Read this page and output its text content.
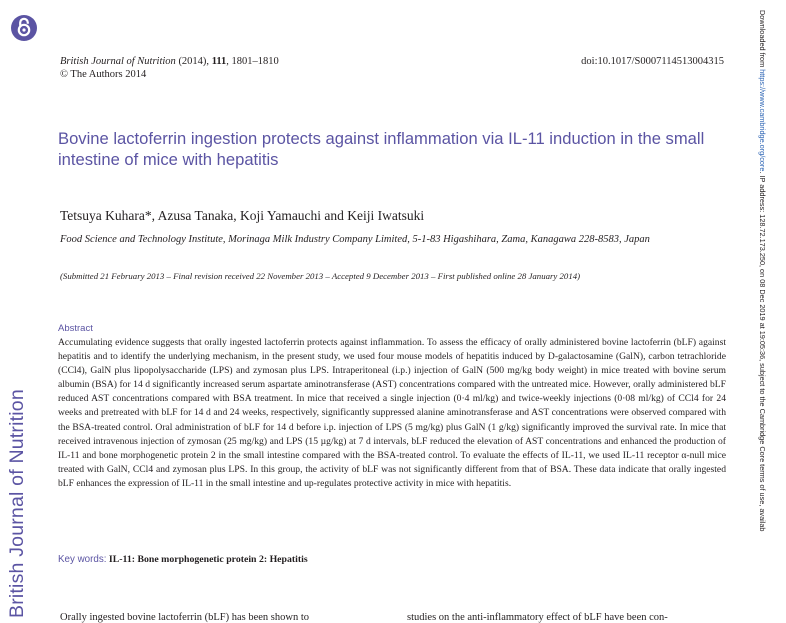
British Journal of Nutrition
Downloaded from https://www.cambridge.org/core. IP address: 128.72.173.250, on 08 Dec 2019 at 19:05:36, subject to the Cambridge Core terms of use, availab
British Journal of Nutrition (2014), 111, 1801–1810
© The Authors 2014
doi:10.1017/S0007114513004315
Bovine lactoferrin ingestion protects against inflammation via IL-11 induction in the small intestine of mice with hepatitis
Tetsuya Kuhara*, Azusa Tanaka, Koji Yamauchi and Keiji Iwatsuki
Food Science and Technology Institute, Morinaga Milk Industry Company Limited, 5-1-83 Higashihara, Zama, Kanagawa 228-8583, Japan
(Submitted 21 February 2013 – Final revision received 22 November 2013 – Accepted 9 December 2013 – First published online 28 January 2014)
Abstract
Accumulating evidence suggests that orally ingested lactoferrin protects against inflammation. To assess the efficacy of orally administered bovine lactoferrin (bLF) against hepatitis and to identify the underlying mechanism, in the present study, we used four mouse models of hepatitis induced by D-galactosamine (GalN), carbon tetrachloride (CCl4), GalN plus lipopolysaccharide (LPS) and zymosan plus LPS. Intraperitoneal (i.p.) injection of GalN (500 mg/kg body weight) in mice treated with bovine serum albumin (BSA) for 14 d significantly increased serum aspartate aminotransferase (AST) concentrations compared with the untreated mice. However, orally administered bLF reduced AST concentrations compared with BSA treatment. In mice that received a single injection (0·4 ml/kg) and twice-weekly injections (0·08 ml/kg) of CCl4 for 24 weeks and pretreated with bLF for 14 d and 24 weeks, respectively, significantly suppressed alanine aminotransferase and AST concentrations were observed compared with the BSA-treated control. Oral administration of bLF for 14 d before i.p. injection of LPS (5 mg/kg) plus GalN (1 g/kg) significantly improved the survival rate. In mice that received intravenous injection of zymosan (25 mg/kg) and LPS (15 µg/kg) at 7 d intervals, bLF reduced the elevation of AST concentrations and enhanced the production of IL-11 and bone morphogenetic protein 2 in the small intestine compared with the BSA-treated control. To evaluate the effects of IL-11, we used IL-11 receptor α-null mice treated with GalN, CCl4 and zymosan plus LPS. In this group, the activity of bLF was not significantly different from that of BSA. These data indicate that orally ingested bLF enhances the expression of IL-11 in the small intestine and up-regulates protective activity in mice with hepatitis.
Key words: IL-11: Bone morphogenetic protein 2: Hepatitis
Orally ingested bovine lactoferrin (bLF) has been shown to	studies on the anti-inflammatory effect of bLF have been con-
